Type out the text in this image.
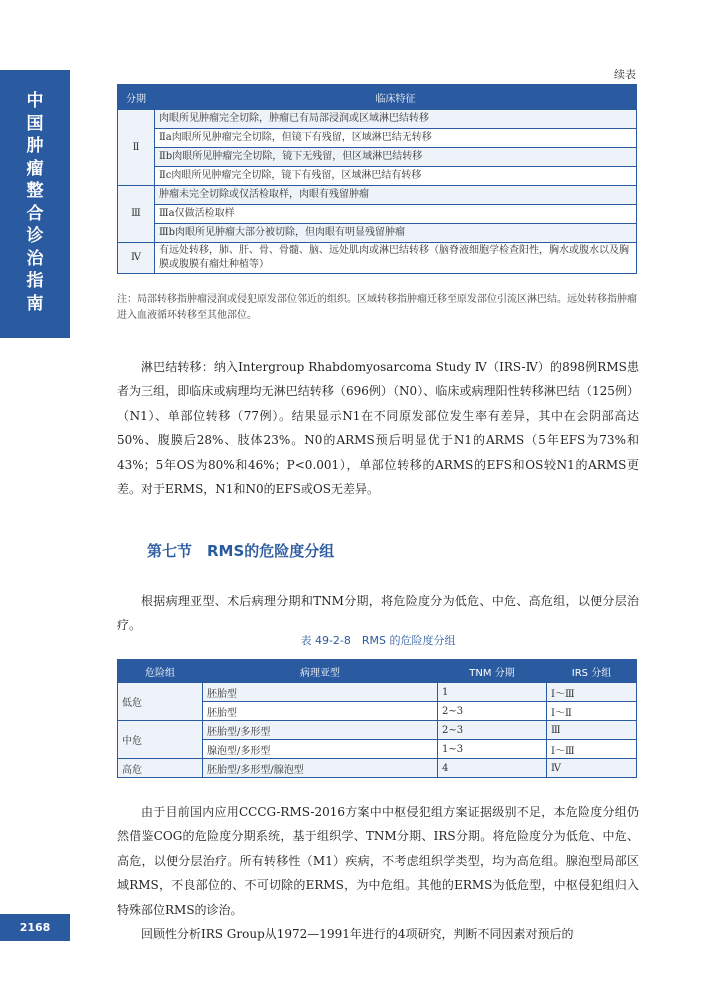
中
国
肿
瘤
整
合
诊
治
指
南
续表
分期	临床特征
Ⅱ	肉眼所见肿瘤完全切除，肿瘤已有局部浸润或区域淋巴结转移
	Ⅱa肉眼所见肿瘤完全切除，但镜下有残留，区域淋巴结无转移
	Ⅱb肉眼所见肿瘤完全切除，镜下无残留，但区域淋巴结转移
	Ⅱc肉眼所见肿瘤完全切除，镜下有残留，区域淋巴结有转移
Ⅲ	肿瘤未完全切除或仅活检取样，肉眼有残留肿瘤
	Ⅲa仅做活检取样
	Ⅲb肉眼所见肿瘤大部分被切除，但肉眼有明显残留肿瘤
Ⅳ	有远处转移，肺、肝、骨、骨髓、脑、远处肌肉或淋巴结转移（脑脊液细胞学检查阳性，胸水或腹水以及胸膜或腹膜有瘤灶种植等）
注：局部转移指肿瘤浸润或侵犯原发部位邻近的组织。区域转移指肿瘤迁移至原发部位引流区淋巴结。远处转移指肿瘤进入血液循环转移至其他部位。

淋巴结转移：纳入Intergroup Rhabdomyosarcoma Study Ⅳ（IRS-Ⅳ）的898例RMS患者为三组，即临床或病理均无淋巴结转移（696例）（N0）、临床或病理阳性转移淋巴结（125例）（N1）、单部位转移（77例）。结果显示N1在不同原发部位发生率有差异，其中在会阴部高达50%、腹膜后28%、肢体23%。N0的ARMS预后明显优于N1的ARMS（5年EFS为73%和43%；5年OS为80%和46%；P<0.001），单部位转移的ARMS的EFS和OS较N1的ARMS更差。对于ERMS，N1和N0的EFS或OS无差异。

第七节　RMS的危险度分组

根据病理亚型、术后病理分期和TNM分期，将危险度分为低危、中危、高危组，以便分层治疗。

表 49-2-8　RMS 的危险度分组
危险组	病理亚型	TNM 分期	IRS 分组
低危	胚胎型	1	Ⅰ～Ⅲ
	胚胎型	2~3	Ⅰ～Ⅱ
中危	胚胎型/多形型	2~3	Ⅲ
	腺泡型/多形型	1~3	Ⅰ～Ⅲ
高危	胚胎型/多形型/腺泡型	4	Ⅳ

由于目前国内应用CCCG-RMS-2016方案中中枢侵犯组方案证据级别不足，本危险度分组仍然借鉴COG的危险度分期系统，基于组织学、TNM分期、IRS分期。将危险度分为低危、中危、高危，以便分层治疗。所有转移性（M1）疾病，不考虑组织学类型，均为高危组。腺泡型局部区域RMS，不良部位的、不可切除的ERMS，为中危组。其他的ERMS为低危型，中枢侵犯组归入特殊部位RMS的诊治。

2168	回顾性分析IRS Group从1972—1991年进行的4项研究，判断不同因素对预后的
